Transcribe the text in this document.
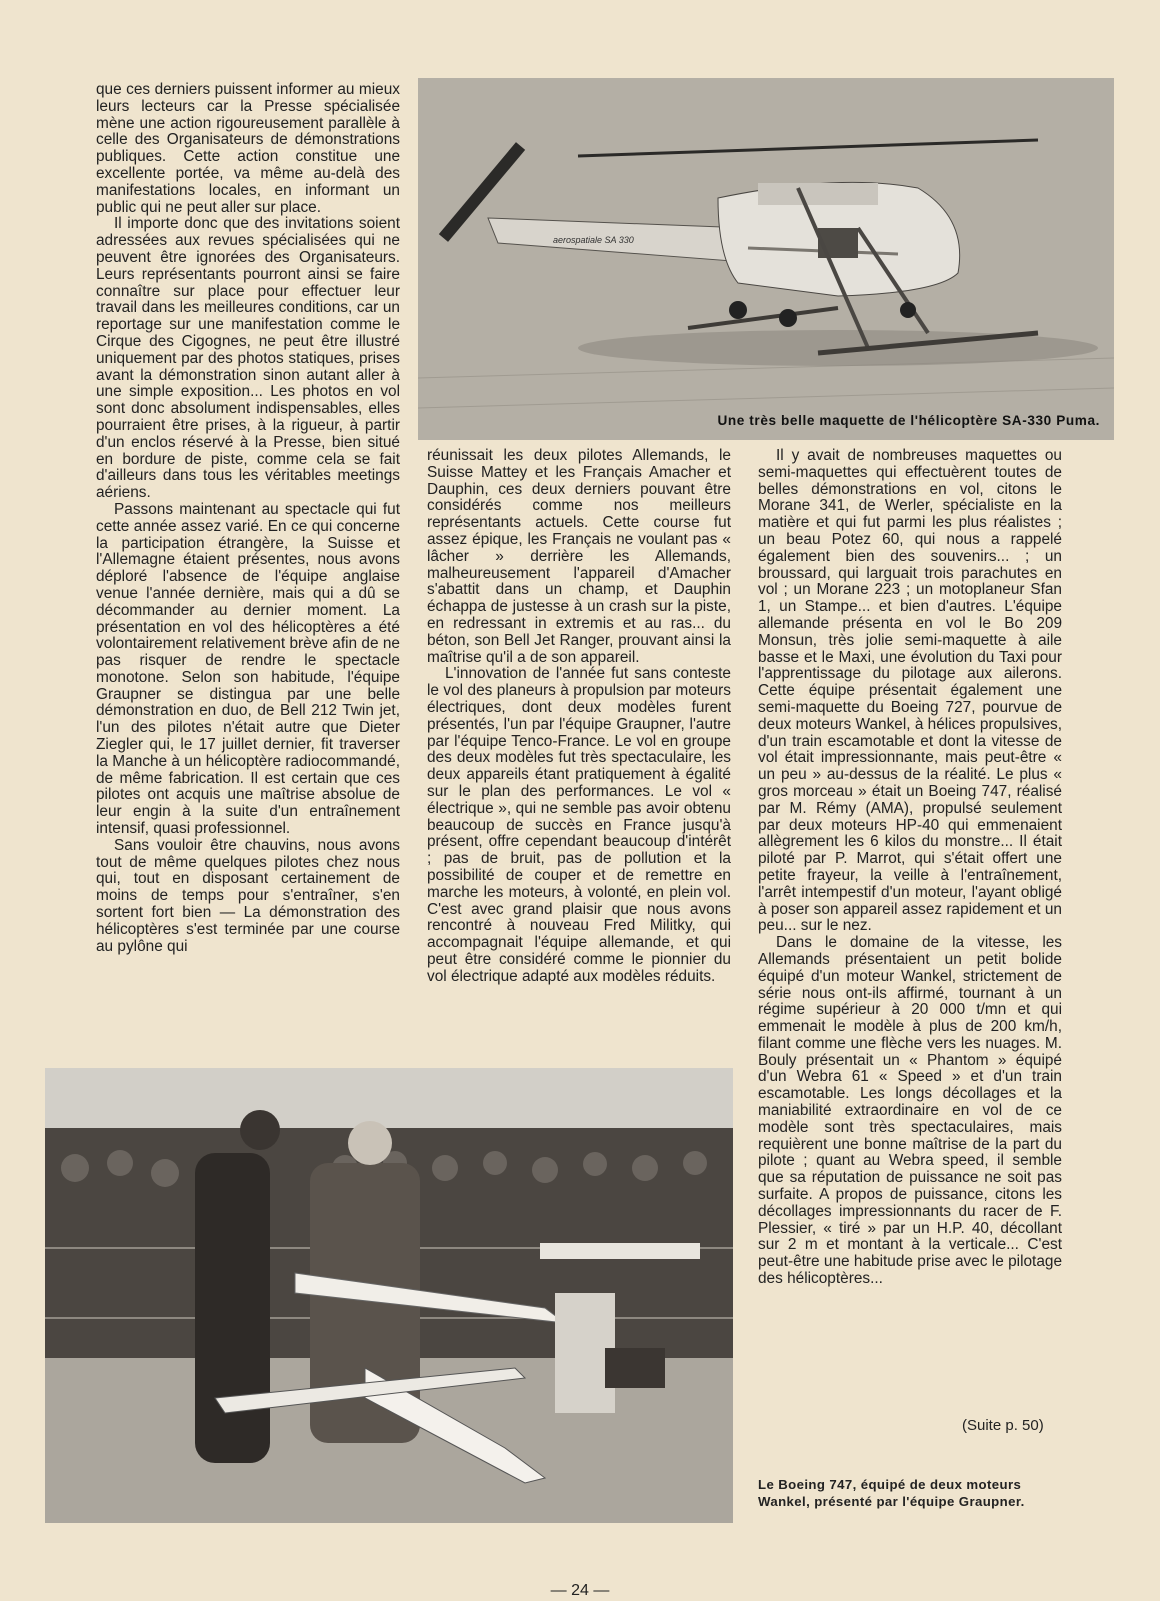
aerospatiale SA 330
Une très belle maquette de l'hélicoptère SA-330 Puma.

que ces derniers puissent informer au mieux leurs lecteurs car la Presse spécialisée mène une action rigoureusement parallèle à celle des Organisateurs de démonstrations publiques. Cette action constitue une excellente portée, va même au-delà des manifestations locales, en informant un public qui ne peut aller sur place.

Il importe donc que des invitations soient adressées aux revues spécialisées qui ne peuvent être ignorées des Organisateurs. Leurs représentants pourront ainsi se faire connaître sur place pour effectuer leur travail dans les meilleures conditions, car un reportage sur une manifestation comme le Cirque des Cigognes, ne peut être illustré uniquement par des photos statiques, prises avant la démonstration sinon autant aller à une simple exposition... Les photos en vol sont donc absolument indispensables, elles pourraient être prises, à la rigueur, à partir d'un enclos réservé à la Presse, bien situé en bordure de piste, comme cela se fait d'ailleurs dans tous les véritables meetings aériens.

Passons maintenant au spectacle qui fut cette année assez varié. En ce qui concerne la participation étrangère, la Suisse et l'Allemagne étaient présentes, nous avons déploré l'absence de l'équipe anglaise venue l'année dernière, mais qui a dû se décommander au dernier moment. La présentation en vol des hélicoptères a été volontairement relativement brève afin de ne pas risquer de rendre le spectacle monotone. Selon son habitude, l'équipe Graupner se distingua par une belle démonstration en duo, de Bell 212 Twin jet, l'un des pilotes n'était autre que Dieter Ziegler qui, le 17 juillet dernier, fit traverser la Manche à un hélicoptère radiocommandé, de même fabrication. Il est certain que ces pilotes ont acquis une maîtrise absolue de leur engin à la suite d'un entraînement intensif, quasi professionnel.

Sans vouloir être chauvins, nous avons tout de même quelques pilotes chez nous qui, tout en disposant certainement de moins de temps pour s'entraîner, s'en sortent fort bien — La démonstration des hélicoptères s'est terminée par une course au pylône qui

réunissait les deux pilotes Allemands, le Suisse Mattey et les Français Amacher et Dauphin, ces deux derniers pouvant être considérés comme nos meilleurs représentants actuels. Cette course fut assez épique, les Français ne voulant pas « lâcher » derrière les Allemands, malheureusement l'appareil d'Amacher s'abattit dans un champ, et Dauphin échappa de justesse à un crash sur la piste, en redressant in extremis et au ras... du béton, son Bell Jet Ranger, prouvant ainsi la maîtrise qu'il a de son appareil.

L'innovation de l'année fut sans conteste le vol des planeurs à propulsion par moteurs électriques, dont deux modèles furent présentés, l'un par l'équipe Graupner, l'autre par l'équipe Tenco-France. Le vol en groupe des deux modèles fut très spectaculaire, les deux appareils étant pratiquement à égalité sur le plan des performances. Le vol « électrique », qui ne semble pas avoir obtenu beaucoup de succès en France jusqu'à présent, offre cependant beaucoup d'intérêt ; pas de bruit, pas de pollution et la possibilité de couper et de remettre en marche les moteurs, à volonté, en plein vol. C'est avec grand plaisir que nous avons rencontré à nouveau Fred Militky, qui accompagnait l'équipe allemande, et qui peut être considéré comme le pionnier du vol électrique adapté aux modèles réduits.

Il y avait de nombreuses maquettes ou semi-maquettes qui effectuèrent toutes de belles démonstrations en vol, citons le Morane 341, de Werler, spécialiste en la matière et qui fut parmi les plus réalistes ; un beau Potez 60, qui nous a rappelé également bien des souvenirs... ; un broussard, qui larguait trois parachutes en vol ; un Morane 223 ; un motoplaneur Sfan 1, un Stampe... et bien d'autres. L'équipe allemande présenta en vol le Bo 209 Monsun, très jolie semi-maquette à aile basse et le Maxi, une évolution du Taxi pour l'apprentissage du pilotage aux ailerons. Cette équipe présentait également une semi-maquette du Boeing 727, pourvue de deux moteurs Wankel, à hélices propulsives, d'un train escamotable et dont la vitesse de vol était impressionnante, mais peut-être « un peu » au-dessus de la réalité. Le plus « gros morceau » était un Boeing 747, réalisé par M. Rémy (AMA), propulsé seulement par deux moteurs HP-40 qui emmenaient allègrement les 6 kilos du monstre... Il était piloté par P. Marrot, qui s'était offert une petite frayeur, la veille à l'entraînement, l'arrêt intempestif d'un moteur, l'ayant obligé à poser son appareil assez rapidement et un peu... sur le nez.

Dans le domaine de la vitesse, les Allemands présentaient un petit bolide équipé d'un moteur Wankel, strictement de série nous ont-ils affirmé, tournant à un régime supérieur à 20 000 t/mn et qui emmenait le modèle à plus de 200 km/h, filant comme une flèche vers les nuages. M. Bouly présentait un « Phantom » équipé d'un Webra 61 « Speed » et d'un train escamotable. Les longs décollages et la maniabilité extraordinaire en vol de ce modèle sont très spectaculaires, mais requièrent une bonne maîtrise de la part du pilote ; quant au Webra speed, il semble que sa réputation de puissance ne soit pas surfaite. A propos de puissance, citons les décollages impressionnants du racer de F. Plessier, « tiré » par un H.P. 40, décollant sur 2 m et montant à la verticale... C'est peut-être une habitude prise avec le pilotage des hélicoptères...

(Suite p. 50)
Le Boeing 747, équipé de deux moteurs Wankel, présenté par l'équipe Graupner.
— 24 —
